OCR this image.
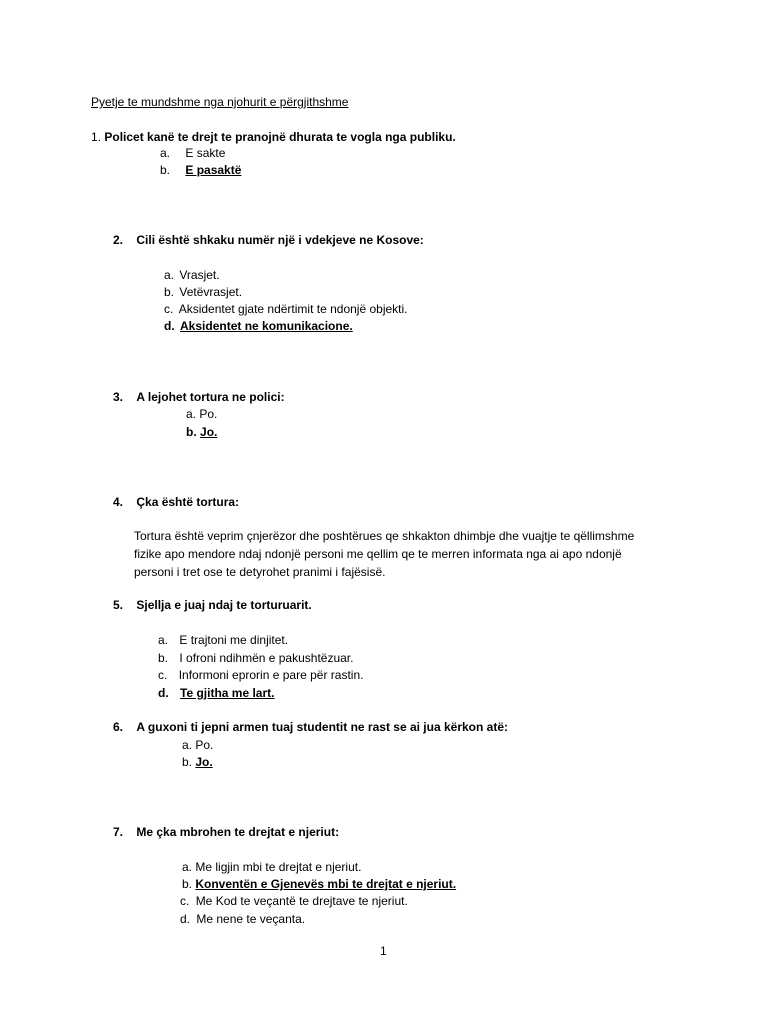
Pyetje te mundshme nga njohurit e përgjithshme
1. Policet kanë te drejt te pranojnë dhurata te vogla nga publiku.
a. E sakte
b. E pasaktë
2. Cili është shkaku numër një i vdekjeve ne Kosove:
a. Vrasjet.
b. Vetëvrasjet.
c. Aksidentet gjate ndërtimit te ndonjë objekti.
d. Aksidentet ne komunikacione.
3. A lejohet tortura ne polici:
a. Po.
b. Jo.
4. Çka është tortura:
Tortura është veprim çnjerëzor dhe poshtërues qe shkakton dhimbje dhe vuajtje te qëllimshme
fizike apo mendore ndaj ndonjë personi me qellim qe te merren informata nga ai apo ndonjë
personi i tret ose te detyrohet pranimi i fajësisë.
5. Sjellja e juaj ndaj te torturuarit.
a. E trajtoni me dinjitet.
b. I ofroni ndihmën e pakushtëzuar.
c. Informoni eprorin e pare për rastin.
d. Te gjitha me lart.
6. A guxoni ti jepni armen tuaj studentit ne rast se ai jua kërkon atë:
a. Po.
b. Jo.
7. Me çka mbrohen te drejtat e njeriut:
a. Me ligjin mbi te drejtat e njeriut.
b. Konventën e Gjenevës mbi te drejtat e njeriut.
c. Me Kod te veçantë te drejtave te njeriut.
d. Me nene te veçanta.
1
